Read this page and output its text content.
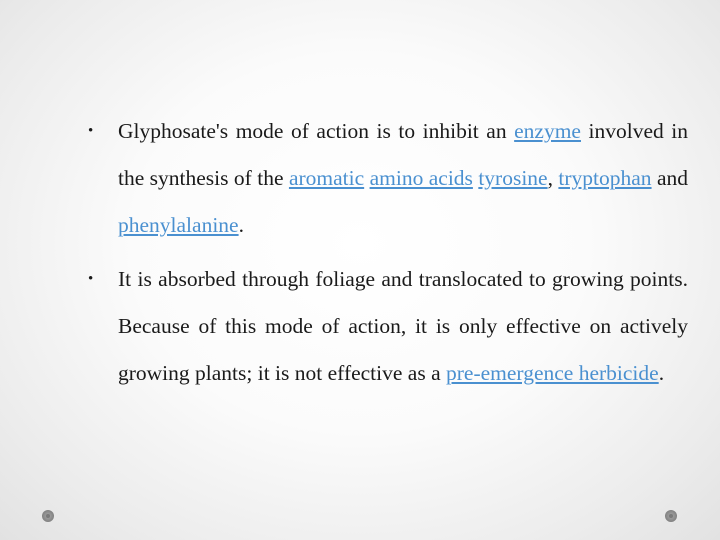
• Glyphosate's mode of action is to inhibit an enzyme involved in the synthesis of the aromatic amino acids tyrosine, tryptophan and phenylalanine.

• It is absorbed through foliage and translocated to growing points. Because of this mode of action, it is only effective on actively growing plants; it is not effective as a pre-emergence herbicide.
